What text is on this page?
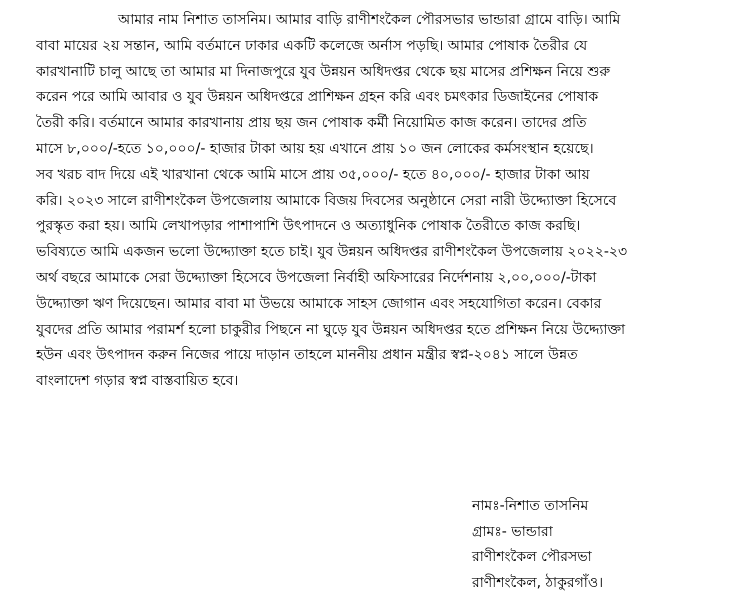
আমার নাম নিশাত তাসনিম। আমার বাড়ি রাণীশংকৈল পৌরসভার ভান্ডারা গ্রামে বাড়ি। আমি
বাবা মায়ের ২য় সন্তান, আমি বর্তমানে ঢাকার একটি কলেজে অর্নাস পড়ছি। আমার পোষাক তৈরীর যে
কারখানাটি চালু আছে তা আমার মা দিনাজপুরে যুব উন্নয়ন অধিদপ্তর থেকে ছয় মাসের প্রশিক্ষন নিয়ে শুরু
করেন পরে আমি আবার ও যুব উন্নয়ন অধিদপ্তরে প্রাশিক্ষন গ্রহন করি এবং চমৎকার ডিজাইনের পোষাক
তৈরী করি। বর্তমানে আমার কারখানায় প্রায় ছয় জন পোষাক কর্মী নিয়োমিত কাজ করেন। তাদের প্রতি
মাসে ৮,০০০/-হতে ১০,০০০/- হাজার টাকা আয় হয় এখানে প্রায় ১০ জন লোকের কর্মসংস্থান হয়েছে।
সব খরচ বাদ দিয়ে এই খারখানা থেকে আমি মাসে প্রায় ৩৫,০০০/- হতে ৪০,০০০/- হাজার টাকা আয়
করি। ২০২৩ সালে রাণীশংকৈল উপজেলায় আমাকে বিজয় দিবসের অনুষ্ঠানে সেরা নারী উদ্দ্যোক্তা হিসেবে
পুরস্কৃত করা হয়। আমি লেখাপড়ার পাশাপাশি উৎপাদনে ও অত্যাধুনিক পোষাক তৈরীতে কাজ করছি।
ভবিষ্যতে আমি একজন ভলো উদ্দ্যোক্তা হতে চাই। যুব উন্নয়ন অধিদপ্তর রাণীশংকৈল উপজেলায় ২০২২-২৩
অর্থ বছরে আমাকে সেরা উদ্দ্যোক্তা হিসেবে উপজেলা নির্বাহী অফিসারের নির্দেশনায় ২,০০,০০০/-টাকা
উদ্দ্যোক্তা ঋণ দিয়েছেন। আমার বাবা মা উভয়ে আমাকে সাহস জোগান এবং সহযোগিতা করেন। বেকার
যুবদের প্রতি আমার পরামর্শ হলো চাকুরীর পিছনে না ঘুড়ে যুব উন্নয়ন অধিদপ্তর হতে প্রশিক্ষন নিয়ে উদ্দ্যোক্তা
হউন এবং উৎপাদন করুন নিজের পায়ে দাড়ান তাহলে মাননীয় প্রধান মন্ত্রীর স্বপ্ন-২০৪১ সালে উন্নত
বাংলাদেশ গড়ার স্বপ্ন বাস্তবায়িত হবে।
নামঃ-নিশাত তাসনিম
গ্রামঃ- ভান্ডারা
রাণীশংকৈল পৌরসভা
রাণীশংকৈল, ঠাকুরগাঁও।
